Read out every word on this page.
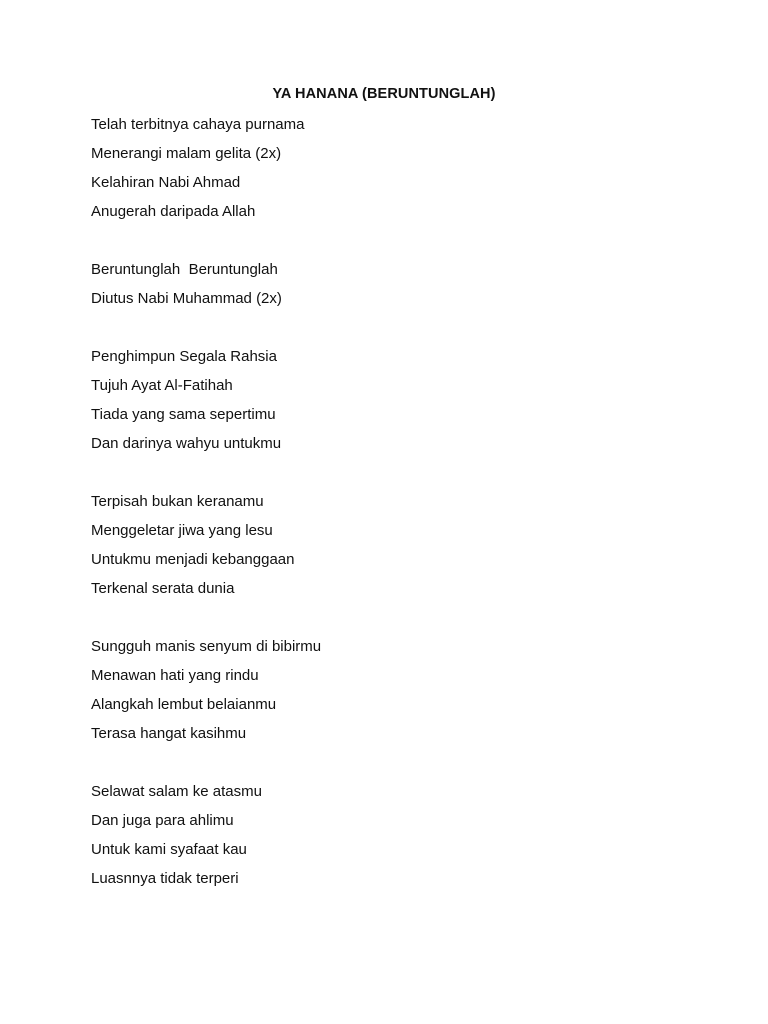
YA HANANA (BERUNTUNGLAH)
Telah terbitnya cahaya purnama
Menerangi malam gelita (2x)
Kelahiran Nabi Ahmad
Anugerah daripada Allah
Beruntunglah  Beruntunglah
Diutus Nabi Muhammad (2x)
Penghimpun Segala Rahsia
Tujuh Ayat Al-Fatihah
Tiada yang sama sepertimu
Dan darinya wahyu untukmu
Terpisah bukan keranamu
Menggeletar jiwa yang lesu
Untukmu menjadi kebanggaan
Terkenal serata dunia
Sungguh manis senyum di bibirmu
Menawan hati yang rindu
Alangkah lembut belaianmu
Terasa hangat kasihmu
Selawat salam ke atasmu
Dan juga para ahlimu
Untuk kami syafaat kau
Luasnnya tidak terperi
